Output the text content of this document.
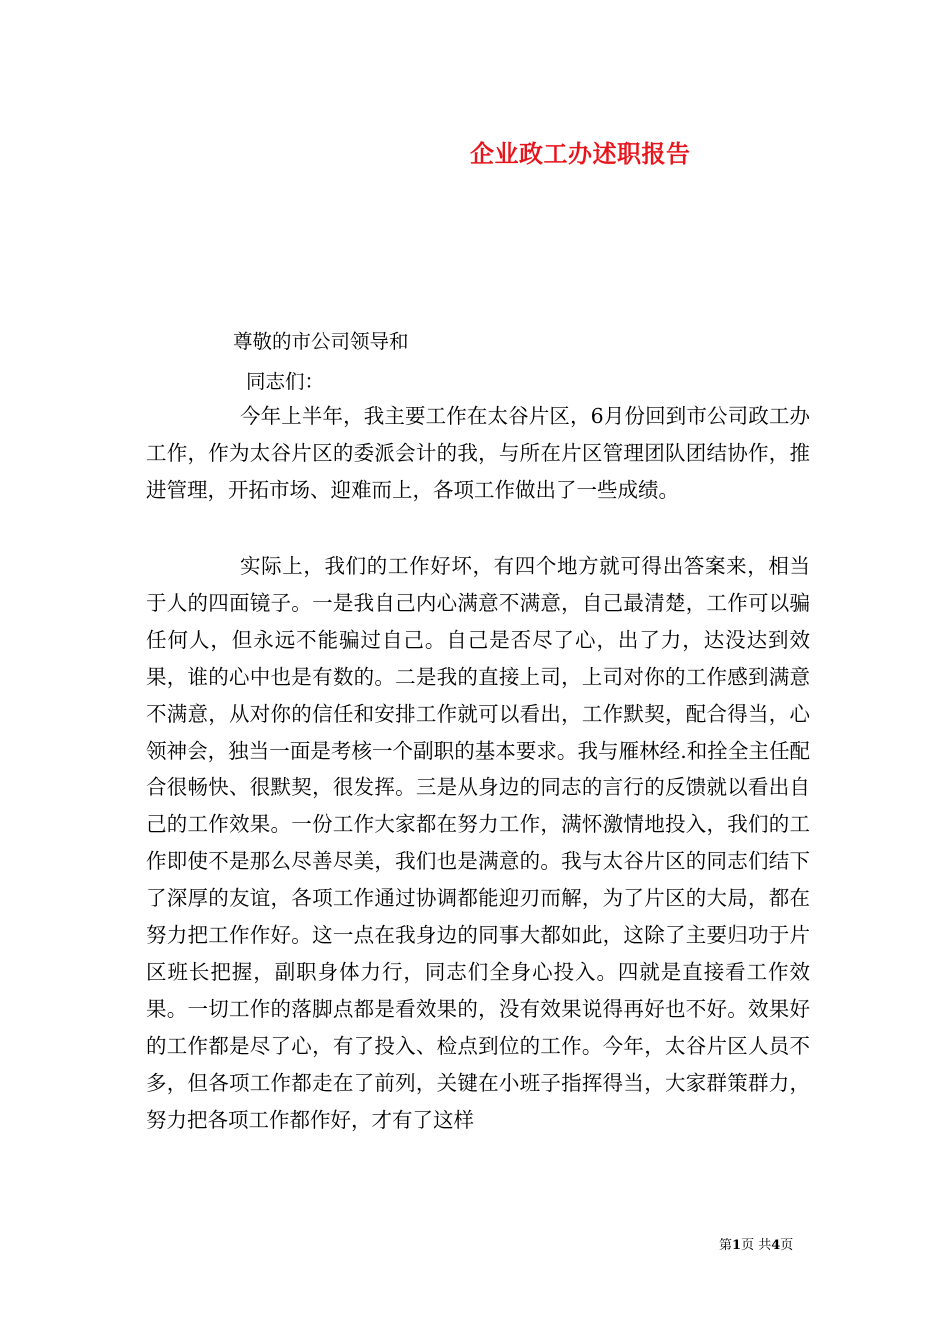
企业政工办述职报告
尊敬的市公司领导和
同志们：

今年上半年，我主要工作在太谷片区，6月份回到市公司政工办工作，作为太谷片区的委派会计的我，与所在片区管理团队团结协作，推进管理，开拓市场、迎难而上，各项工作做出了一些成绩。

实际上，我们的工作好坏，有四个地方就可得出答案来，相当于人的四面镜子。一是我自己内心满意不满意，自己最清楚，工作可以骗任何人，但永远不能骗过自己。自己是否尽了心，出了力，达没达到效果，谁的心中也是有数的。二是我的直接上司，上司对你的工作感到满意不满意，从对你的信任和安排工作就可以看出，工作默契，配合得当，心领神会，独当一面是考核一个副职的基本要求。我与雁林经.和拴全主任配合很畅快、很默契，很发挥。三是从身边的同志的言行的反馈就以看出自己的工作效果。一份工作大家都在努力工作，满怀激情地投入，我们的工作即使不是那么尽善尽美，我们也是满意的。我与太谷片区的同志们结下了深厚的友谊，各项工作通过协调都能迎刃而解，为了片区的大局，都在努力把工作作好。这一点在我身边的同事大都如此，这除了主要归功于片区班长把握，副职身体力行，同志们全身心投入。四就是直接看工作效果。一切工作的落脚点都是看效果的，没有效果说得再好也不好。效果好的工作都是尽了心，有了投入、检点到位的工作。今年，太谷片区人员不多，但各项工作都走在了前列，关键在小班子指挥得当，大家群策群力，努力把各项工作都作好，才有了这样

第1页 共4页
